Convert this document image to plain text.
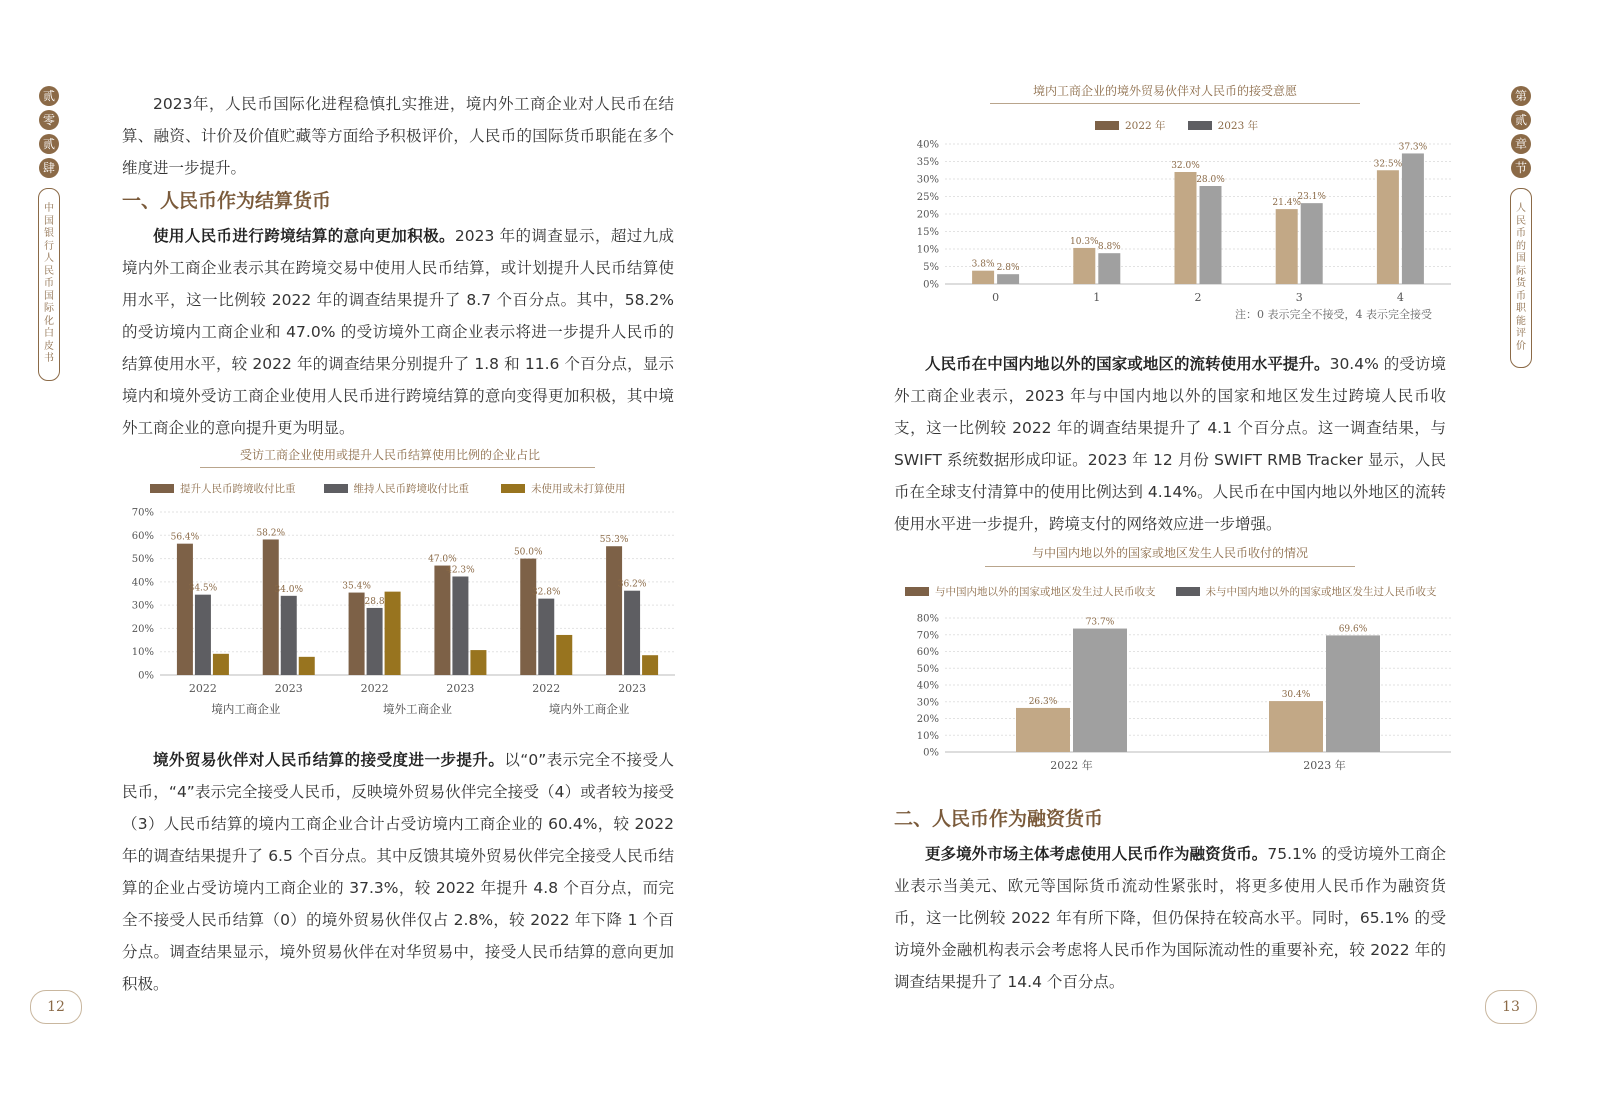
贰
零
贰
肆
中
国
银
行
人
民
币
国
际
化
白
皮
书

2023年，人民币国际化进程稳慎扎实推进，境内外工商企业对人民币在结算、融资、计价及价值贮藏等方面给予积极评价，人民币的国际货币职能在多个维度进一步提升。

一、人民币作为结算货币

使用人民币进行跨境结算的意向更加积极。2023 年的调查显示，超过九成境内外工商企业表示其在跨境交易中使用人民币结算，或计划提升人民币结算使用水平，这一比例较 2022 年的调查结果提升了 8.7 个百分点。其中，58.2% 的受访境内工商企业和 47.0% 的受访境外工商企业表示将进一步提升人民币的结算使用水平，较 2022 年的调查结果分别提升了 1.8 和 11.6 个百分点，显示境内和境外受访工商企业使用人民币进行跨境结算的意向变得更加积极，其中境外工商企业的意向提升更为明显。

受访工商企业使用或提升人民币结算使用比例的企业占比
提升人民币跨境收付比重	维持人民币跨境收付比重	未使用或未打算使用
0%
10%
20%
30%
40%
50%
60%
70%
56.4%
34.5%
58.2%
34.0%	35.4%
28.8
47.0%
42.3%
50.0%
32.8%
55.3%
36.2%
2022	2023	2022	2023	2022	2023
境内工商企业	境外工商企业	境内外工商企业

境外贸易伙伴对人民币结算的接受度进一步提升。以“0”表示完全不接受人民币，“4”表示完全接受人民币，反映境外贸易伙伴完全接受（4）或者较为接受（3）人民币结算的境内工商企业合计占受访境内工商企业的 60.4%，较 2022 年的调查结果提升了 6.5 个百分点。其中反馈其境外贸易伙伴完全接受人民币结算的企业占受访境内工商企业的 37.3%，较 2022 年提升 4.8 个百分点，而完全不接受人民币结算（0）的境外贸易伙伴仅占 2.8%，较 2022 年下降 1 个百分点。调查结果显示，境外贸易伙伴在对华贸易中，接受人民币结算的意向更加积极。

12
第
贰
章
节
人
民
币
的
国
际
货
币
职
能
评
价
境内工商企业的境外贸易伙伴对人民币的接受意愿
2022 年	2023 年
0%
5%
10%
15%
20%
25%
30%
35%
40%
3.8% 2.8%
10.3%
8.8%
32.0%
28.0%
21.4%
23.1%
32.5%
37.3%
0	1	2	3	4
注：0 表示完全不接受，4 表示完全接受

人民币在中国内地以外的国家或地区的流转使用水平提升。30.4% 的受访境外工商企业表示，2023 年与中国内地以外的国家和地区发生过跨境人民币收支，这一比例较 2022 年的调查结果提升了 4.1 个百分点。这一调查结果，与 SWIFT 系统数据形成印证。2023 年 12 月份 SWIFT RMB Tracker 显示，人民币在全球支付清算中的使用比例达到 4.14%。人民币在中国内地以外地区的流转使用水平进一步提升，跨境支付的网络效应进一步增强。

与中国内地以外的国家或地区发生人民币收付的情况
与中国内地以外的国家或地区发生过人民币收支	未与中国内地以外的国家或地区发生过人民币收支
0%
10%
20%
30%
40%
50%
60%
70%
80%
26.3%
73.7%
30.4%
69.6%
2022 年	2023 年
二、人民币作为融资货币

更多境外市场主体考虑使用人民币作为融资货币。75.1% 的受访境外工商企业表示当美元、欧元等国际货币流动性紧张时，将更多使用人民币作为融资货币，这一比例较 2022 年有所下降，但仍保持在较高水平。同时，65.1% 的受访境外金融机构表示会考虑将人民币作为国际流动性的重要补充，较 2022 年的调查结果提升了 14.4 个百分点。

13
